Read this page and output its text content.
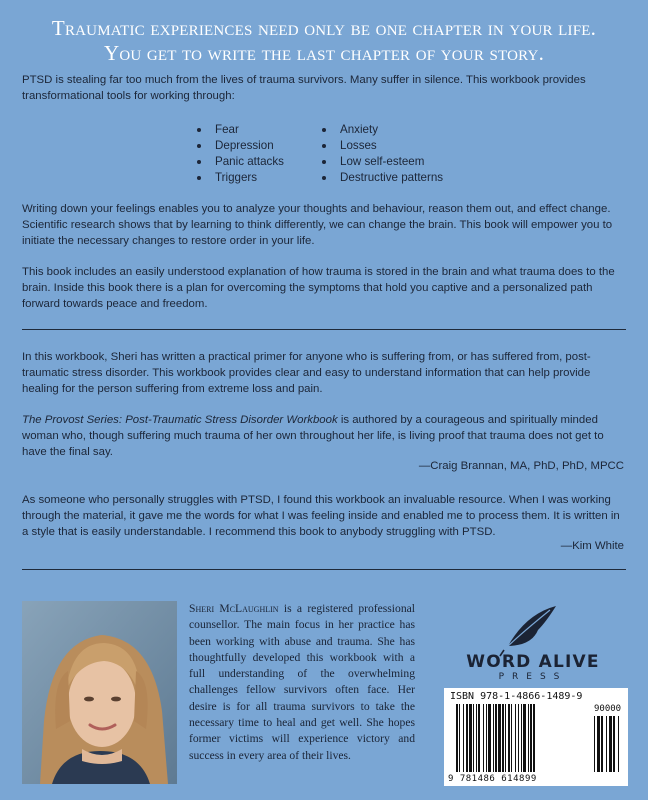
Traumatic experiences need only be one chapter in your life.
You get to write the last chapter of your story.

PTSD is stealing far too much from the lives of trauma survivors. Many suffer in silence. This workbook provides transformational tools for working through:

Fear	Anxiety
Depression	Losses
Panic attacks	Low self-esteem
Triggers	Destructive patterns

Writing down your feelings enables you to analyze your thoughts and behaviour, reason them out, and effect change. Scientific research shows that by learning to think differently, we can change the brain. This book will empower you to initiate the necessary changes to restore order in your life.

This book includes an easily understood explanation of how trauma is stored in the brain and what trauma does to the brain. Inside this book there is a plan for overcoming the symptoms that hold you captive and a personalized path forward towards peace and freedom.

In this workbook, Sheri has written a practical primer for anyone who is suffering from, or has suffered from, post-traumatic stress disorder. This workbook provides clear and easy to understand information that can help provide healing for the person suffering from extreme loss and pain.

The Provost Series: Post-Traumatic Stress Disorder Workbook is authored by a courageous and spiritually minded woman who, though suffering much trauma of her own throughout her life, is living proof that trauma does not get to have the final say.

—Craig Brannan, MA, PhD, PhD, MPCC

As someone who personally struggles with PTSD, I found this workbook an invaluable resource. When I was working through the material, it gave me the words for what I was feeling inside and enabled me to process them. It is written in a style that is easily understandable. I recommend this book to anybody struggling with PTSD.

—Kim White

Sheri McLaughlin is a registered professional counsellor. The main focus in her practice has been working with abuse and trauma. She has thoughtfully developed this workbook with a full understanding of the overwhelming challenges fellow survivors often face. Her desire is for all trauma survivors to take the necessary time to heal and get well. She hopes former victims will experience victory and success in every area of their lives.

WORD ALIVE
PRESS
ISBN 978-1-4866-1489-9
90000
9 781486 614899
